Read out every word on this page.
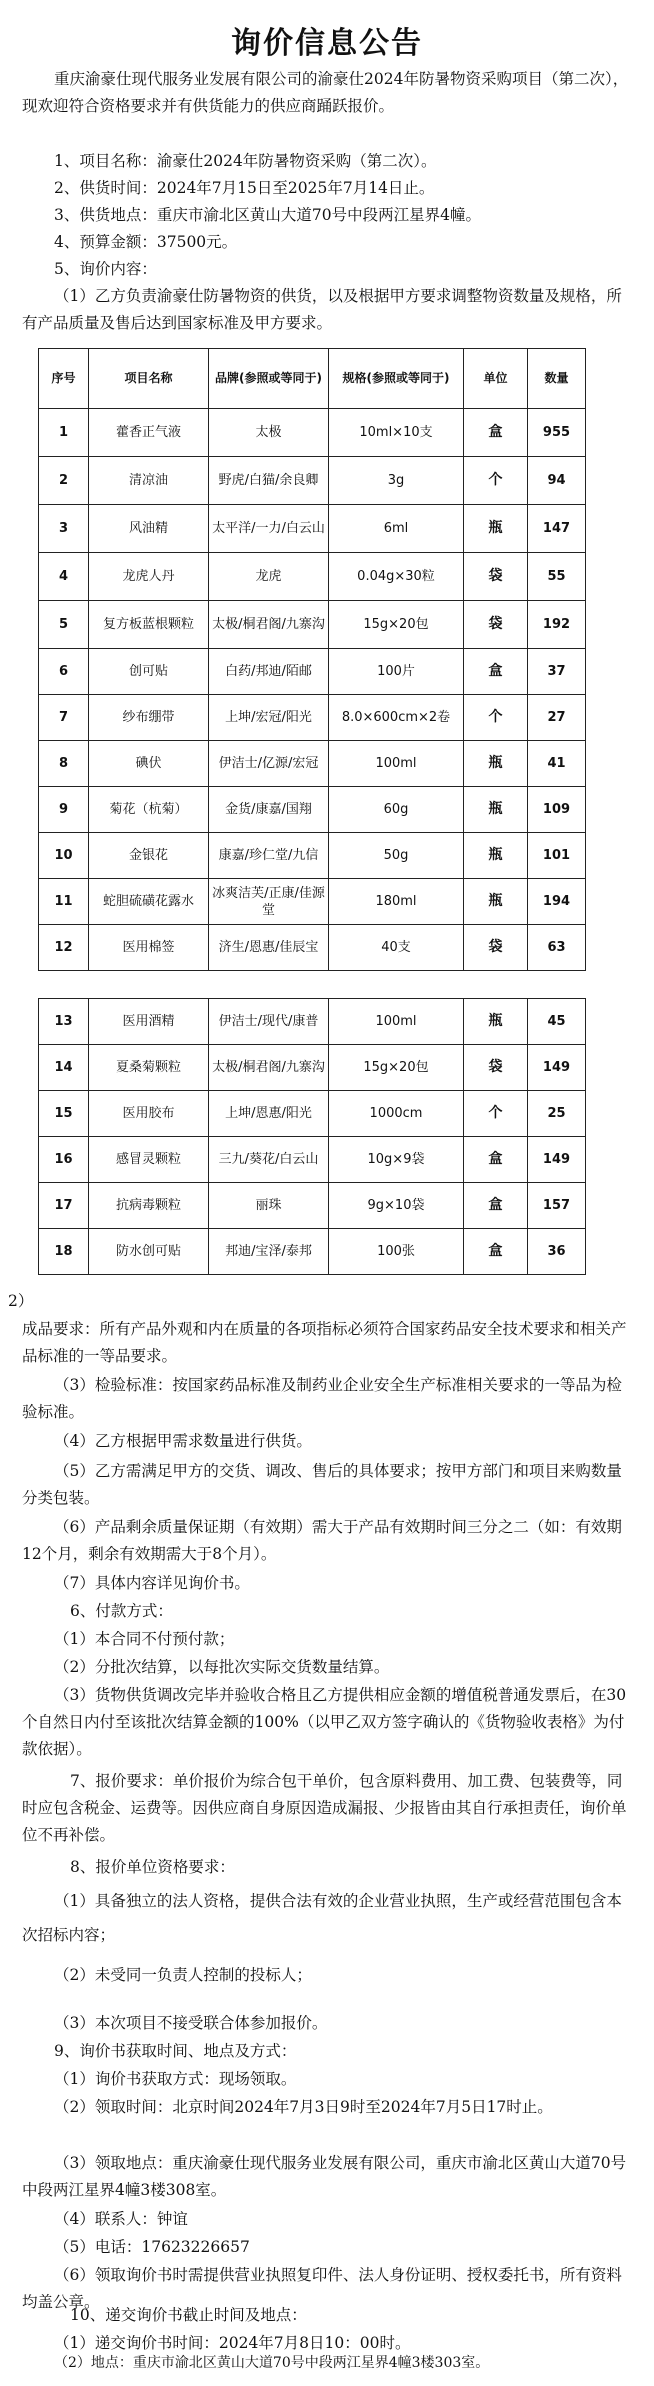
询价信息公告
重庆渝豪仕现代服务业发展有限公司的渝豪仕2024年防暑物资采购项目（第二次），现欢迎符合资格要求并有供货能力的供应商踊跃报价。
1、项目名称：渝豪仕2024年防暑物资采购（第二次）。
2、供货时间：2024年7月15日至2025年7月14日止。
3、供货地点：重庆市渝北区黄山大道70号中段两江星界4幢。
4、预算金额：37500元。
5、询价内容：
（1）乙方负责渝豪仕防暑物资的供货，以及根据甲方要求调整物资数量及规格，所有产品质量及售后达到国家标准及甲方要求。
序号	项目名称	品牌(参照或等同于)	规格(参照或等同于)	单位	数量
1	藿香正气液	太极	10ml×10支	盒	955
2	清凉油	野虎/白猫/余良卿	3g	个	94
3	风油精	太平洋/一力/白云山	6ml	瓶	147
4	龙虎人丹	龙虎	0.04g×30粒	袋	55
5	复方板蓝根颗粒	太极/桐君阁/九寨沟	15g×20包	袋	192
6	创可贴	白药/邦迪/陌邮	100片	盒	37
7	纱布绷带	上坤/宏冠/阳光	8.0×600cm×2卷	个	27
8	碘伏	伊洁士/亿源/宏冠	100ml	瓶	41
9	菊花（杭菊）	金货/康嘉/国翔	60g	瓶	109
10	金银花	康嘉/珍仁堂/九信	50g	瓶	101
11	蛇胆硫磺花露水	冰爽洁芙/正康/佳源堂	180ml	瓶	194
12	医用棉签	济生/恩惠/佳辰宝	40支	袋	63
13	医用酒精	伊洁士/现代/康普	100ml	瓶	45
14	夏桑菊颗粒	太极/桐君阁/九寨沟	15g×20包	袋	149
15	医用胶布	上坤/恩惠/阳光	1000cm	个	25
16	感冒灵颗粒	三九/葵花/白云山	10g×9袋	盒	149
17	抗病毒颗粒	丽珠	9g×10袋	盒	157
18	防水创可贴	邦迪/宝泽/泰邦	100张	盒	36
2）
成品要求：所有产品外观和内在质量的各项指标必须符合国家药品安全技术要求和相关产品标准的一等品要求。
（3）检验标准：按国家药品标准及制药业企业安全生产标准相关要求的一等品为检验标准。
（4）乙方根据甲需求数量进行供货。
（5）乙方需满足甲方的交货、调改、售后的具体要求；按甲方部门和项目来购数量分类包装。
（6）产品剩余质量保证期（有效期）需大于产品有效期时间三分之二（如：有效期12个月，剩余有效期需大于8个月）。
（7）具体内容详见询价书。
6、付款方式：
（1）本合同不付预付款；
（2）分批次结算，以每批次实际交货数量结算。
（3）货物供货调改完毕并验收合格且乙方提供相应金额的增值税普通发票后，在30个自然日内付至该批次结算金额的100%（以甲乙双方签字确认的《货物验收表格》为付款依据）。
7、报价要求：单价报价为综合包干单价，包含原料费用、加工费、包装费等，同时应包含税金、运费等。因供应商自身原因造成漏报、少报皆由其自行承担责任，询价单位不再补偿。
8、报价单位资格要求：
（1）具备独立的法人资格，提供合法有效的企业营业执照，生产或经营范围包含本次招标内容；
（2）未受同一负责人控制的投标人；
（3）本次项目不接受联合体参加报价。
9、询价书获取时间、地点及方式：
（1）询价书获取方式：现场领取。
（2）领取时间：北京时间2024年7月3日9时至2024年7月5日17时止。
（3）领取地点：重庆渝豪仕现代服务业发展有限公司，重庆市渝北区黄山大道70号中段两江星界4幢3楼308室。
（4）联系人：钟谊
（5）电话：17623226657
（6）领取询价书时需提供营业执照复印件、法人身份证明、授权委托书，所有资料均盖公章。
10、递交询价书截止时间及地点：
（1）递交询价书时间：2024年7月8日10：00时。
（2）地点：重庆市渝北区黄山大道70号中段两江星界4幢3楼303室。
